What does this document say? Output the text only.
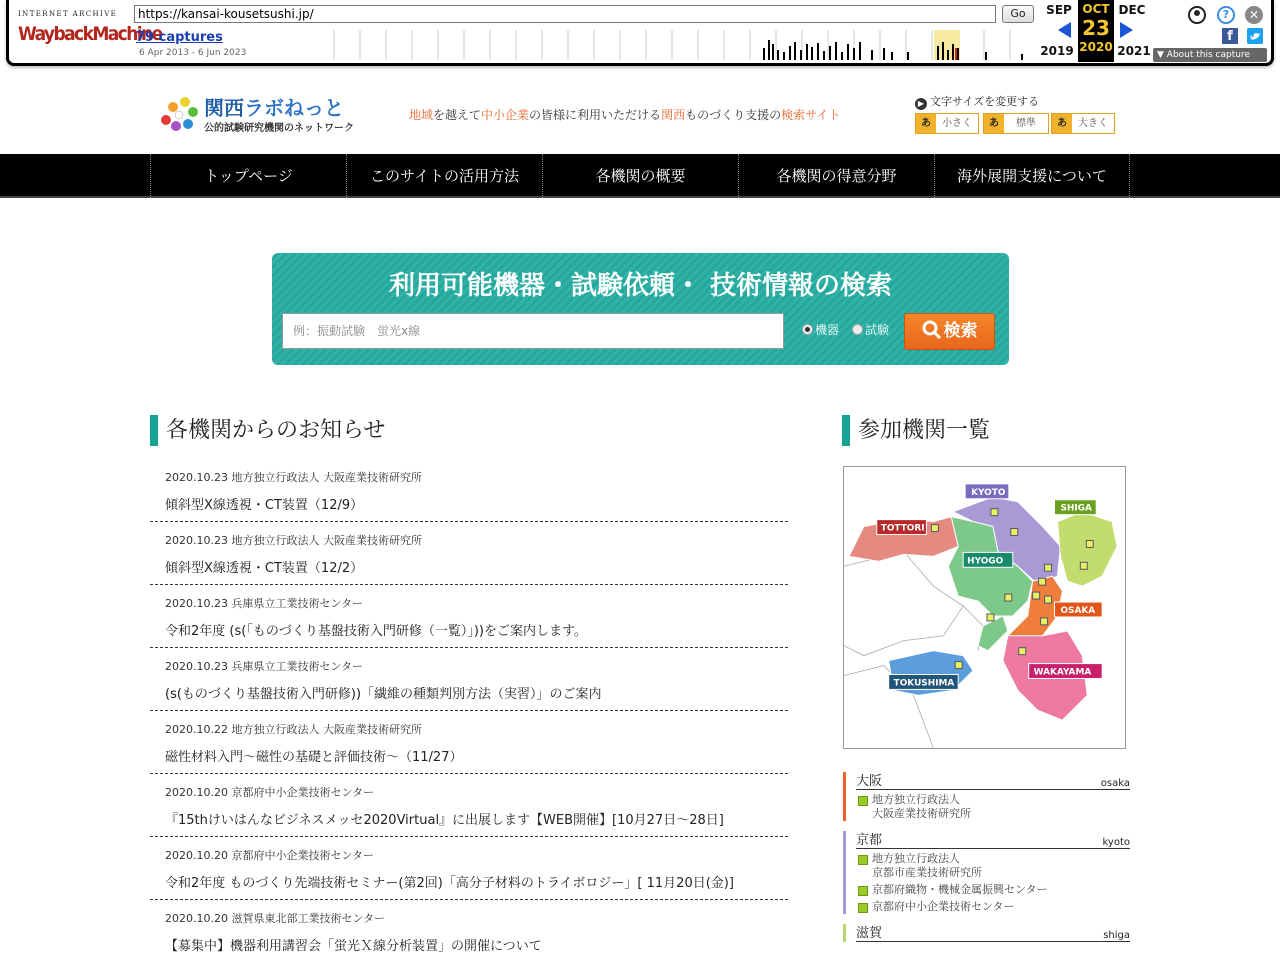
INTERNET ARCHIVE
WaybackMachine
https://kansai-kousetsushi.jp/	Go
79 captures
6 Apr 2013 - 6 Jun 2023
SEP
2019
OCT
23
2020
DEC
2021 ▼ About this capture
?	✕
f
関西ラボねっと
公的試験研究機関のネットワーク
地域を越えて中小企業の皆様に利用いただける関西ものづくり支援の検索サイト
▶ 文字サイズを変更する
あ 小さく	あ 標準	あ 大きく
トップページ	このサイトの活用方法	各機関の概要	各機関の得意分野	海外展開支援について
利用可能機器・試験依頼・ 技術情報の検索
例：振動試験　蛍光x線	機器	試験	検索
各機関からのお知らせ
2020.10.23 地方独立行政法人 大阪産業技術研究所
傾斜型X線透視・CT装置（12/9）
2020.10.23 地方独立行政法人 大阪産業技術研究所
傾斜型X線透視・CT装置（12/2）
2020.10.23 兵庫県立工業技術センター
令和2年度 (s(「ものづくり基盤技術入門研修（一覧）」))をご案内します。
2020.10.23 兵庫県立工業技術センター
(s(ものづくり基盤技術入門研修))「繊維の種類判別方法（実習）」のご案内
2020.10.22 地方独立行政法人 大阪産業技術研究所
磁性材料入門～磁性の基礎と評価技術～（11/27）
2020.10.20 京都府中小企業技術センター
『15thけいはんなビジネスメッセ2020Virtual』に出展します【WEB開催】[10月27日～28日]
2020.10.20 京都府中小企業技術センター
令和2年度 ものづくり先端技術セミナー(第2回)「高分子材料のトライボロジー」[ 11月20日(金)]
2020.10.20 滋賀県東北部工業技術センター
【募集中】機器利用講習会「蛍光Ｘ線分析装置」の開催について
参加機関一覧
KYOTO
SHIGA
TOTTORI
HYOGO
OSAKA
TOKUSHIMA
WAKAYAMA
大阪	osaka
地方独立行政法人
大阪産業技術研究所
京都	kyoto
地方独立行政法人
京都市産業技術研究所
京都府織物・機械金属振興センター
京都府中小企業技術センター
滋賀	shiga
